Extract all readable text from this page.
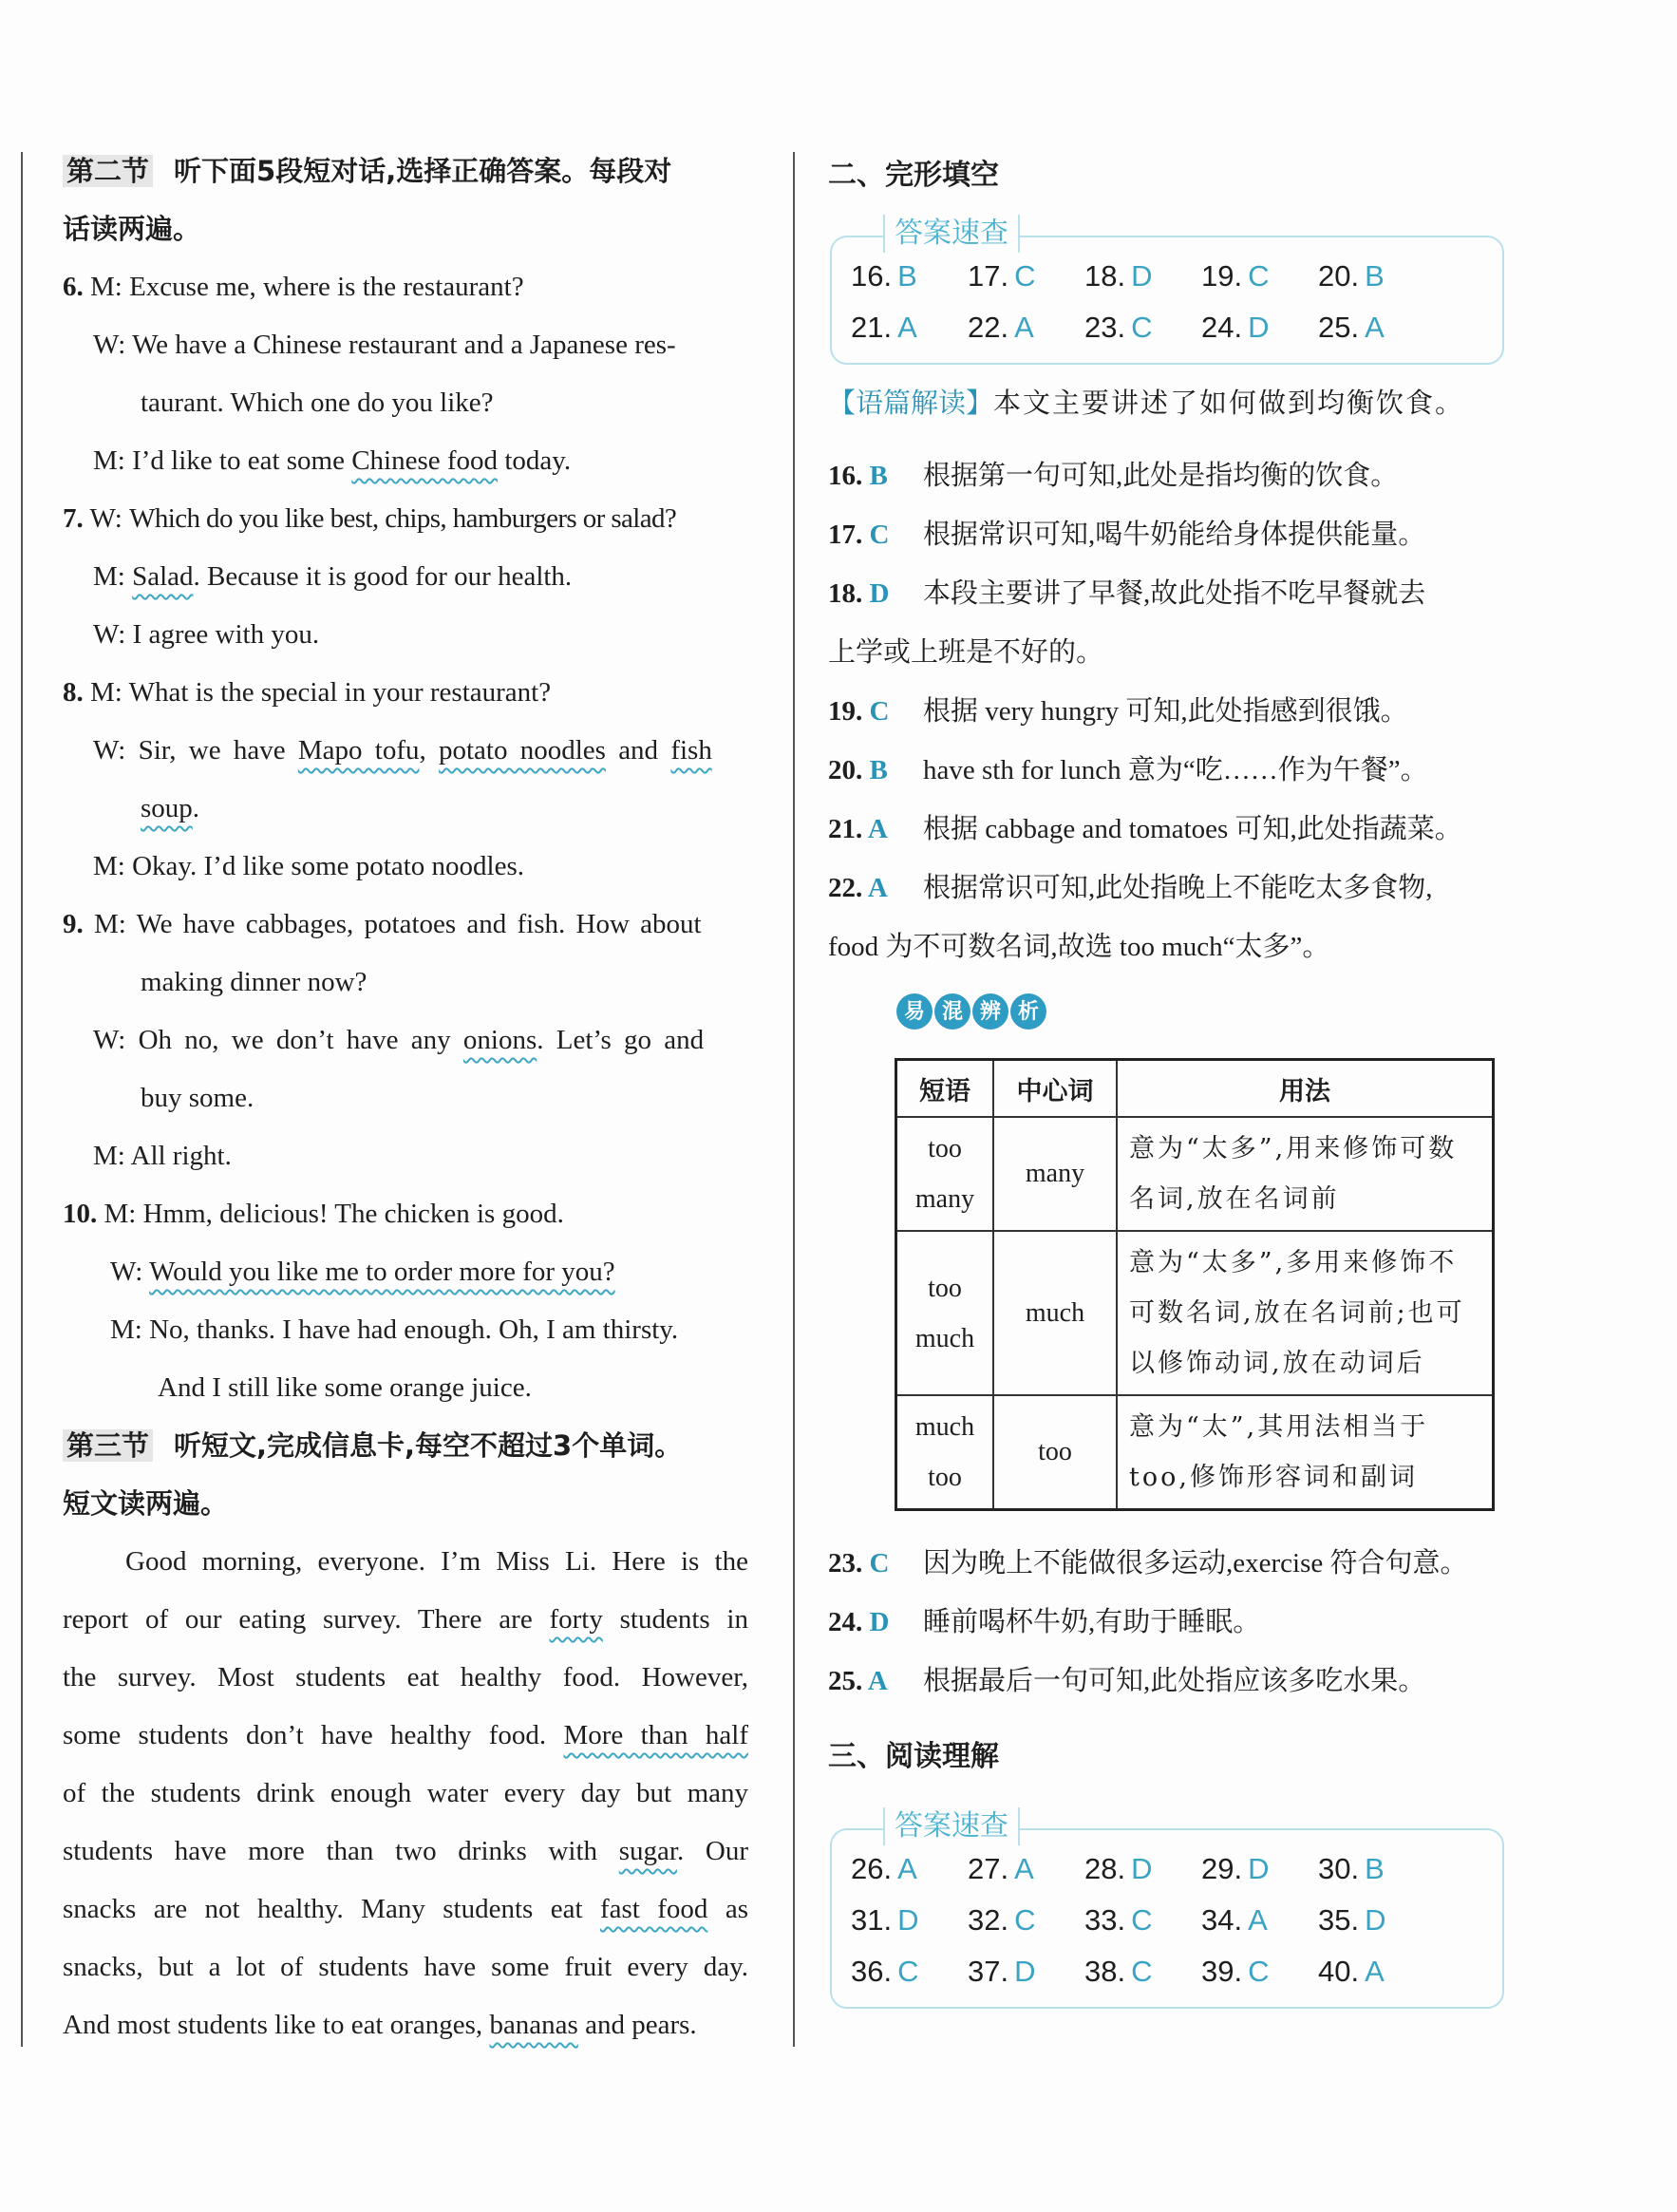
第二节 听下面5段短对话,选择正确答案。每段对
话读两遍。
6. M: Excuse me, where is the restaurant?
W: We have a Chinese restaurant and a Japanese res-
taurant. Which one do you like?
M: I’d like to eat some Chinese food today.
7. W: Which do you like best, chips, hamburgers or salad?
M: Salad. Because it is good for our health.
W: I agree with you.
8. M: What is the special in your restaurant?
W: Sir, we have Mapo tofu, potato noodles and fish
soup.
M: Okay. I’d like some potato noodles.
9. M: We have cabbages, potatoes and fish. How about
making dinner now?
W: Oh no, we don’t have any onions. Let’s go and
buy some.
M: All right.
10. M: Hmm, delicious! The chicken is good.
W: Would you like me to order more for you?
M: No, thanks. I have had enough. Oh, I am thirsty.
And I still like some orange juice.
第三节 听短文,完成信息卡,每空不超过3个单词。
短文读两遍。
Good morning, everyone. I’m Miss Li. Here is the
report of our eating survey. There are forty students in
the survey. Most students eat healthy food. However,
some students don’t have healthy food. More than half
of the students drink enough water every day but many
students have more than two drinks with sugar. Our
snacks are not healthy. Many students eat fast food as
snacks, but a lot of students have some fruit every day.
And most students like to eat oranges, bananas and pears.
二、完形填空
答案速查
16. B	17. C	18. D	19. C	20. B
21. A	22. A	23. C	24. D	25. A
【语篇解读】本文主要讲述了如何做到均衡饮食。

16. B 根据第一句可知,此处是指均衡的饮食。
17. C 根据常识可知,喝牛奶能给身体提供能量。
18. D 本段主要讲了早餐,故此处指不吃早餐就去
上学或上班是不好的。
19. C 根据 very hungry 可知,此处指感到很饿。
20. B have sth for lunch 意为“吃……作为午餐”。
21. A 根据 cabbage and tomatoes 可知,此处指蔬菜。
22. A 根据常识可知,此处指晚上不能吃太多食物,
food 为不可数名词,故选 too much“太多”。
易 混 辨 析
短语	中心词	用法
too
many	many	意为“太多”,用来修饰可数
名词,放在名词前
too
much	much	意为“太多”,多用来修饰不
可数名词,放在名词前;也可
以修饰动词,放在动词后
much
too	too	意为“太”,其用法相当于
too,修饰形容词和副词
23. C 因为晚上不能做很多运动,exercise 符合句意。
24. D 睡前喝杯牛奶,有助于睡眠。
25. A 根据最后一句可知,此处指应该多吃水果。
三、阅读理解
答案速查
26. A	27. A	28. D	29. D	30. B
31. D	32. C	33. C	34. A	35. D
36. C	37. D	38. C	39. C	40. A
